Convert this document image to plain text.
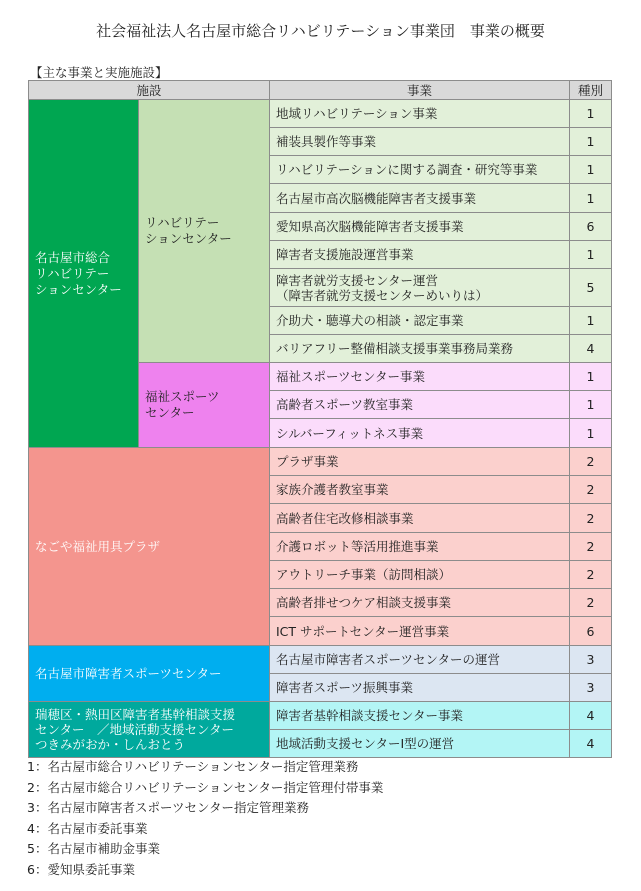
社会福祉法人名古屋市総合リハビリテーション事業団　事業の概要
【主な事業と実施施設】
施設		事業	種別
名古屋市総合
リハビリテー
ションセンター	リハビリテー
ションセンター	地域リハビリテーション事業	1
		補装具製作等事業	1
		リハビリテーションに関する調査・研究等事業	1
		名古屋市高次脳機能障害者支援事業	1
		愛知県高次脳機能障害者支援事業	6
		障害者支援施設運営事業	1
		障害者就労支援センター運営
（障害者就労支援センターめいりは）	5
		介助犬・聴導犬の相談・認定事業	1
		バリアフリー整備相談支援事業事務局業務	4
	福祉スポーツ
センター	福祉スポーツセンター事業	1
		高齢者スポーツ教室事業	1
		シルバーフィットネス事業	1
なごや福祉用具プラザ		プラザ事業	2
		家族介護者教室事業	2
		高齢者住宅改修相談事業	2
		介護ロボット等活用推進事業	2
		アウトリーチ事業（訪問相談）	2
		高齢者排せつケア相談支援事業	2
		ICT サポートセンター運営事業	6
名古屋市障害者スポーツセンター		名古屋市障害者スポーツセンターの運営	3
		障害者スポーツ振興事業	3
瑞穂区・熱田区障害者基幹相談支援
センター　／地域活動支援センター
つきみがおか・しんおとう		障害者基幹相談支援センター事業	4
		地域活動支援センターⅠ型の運営	4
1：名古屋市総合リハビリテーションセンター指定管理業務
2：名古屋市総合リハビリテーションセンター指定管理付帯事業
3：名古屋市障害者スポーツセンター指定管理業務
4：名古屋市委託事業
5：名古屋市補助金事業
6：愛知県委託事業
